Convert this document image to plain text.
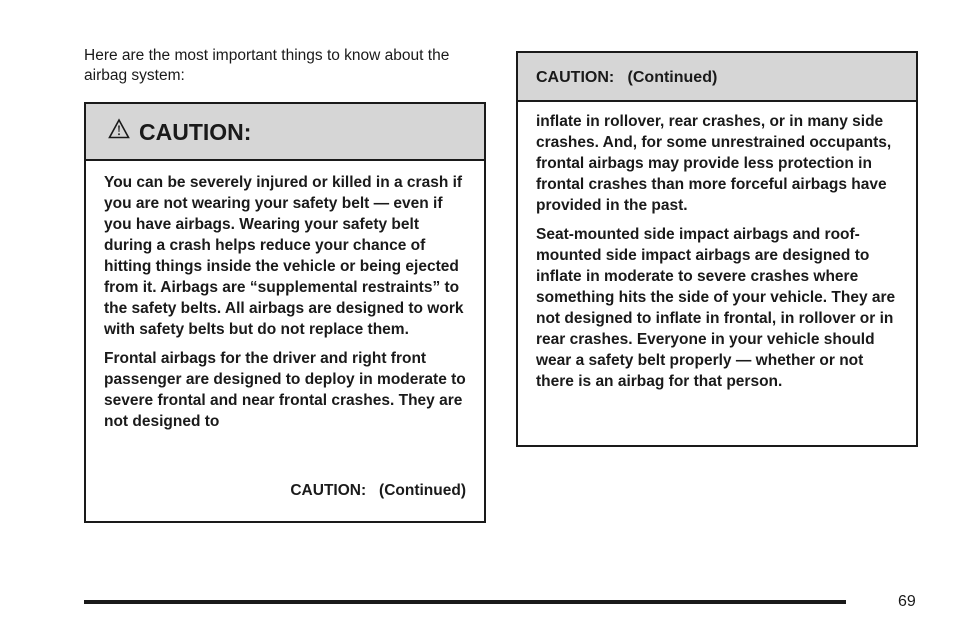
Here are the most important things to know about the airbag system:

CAUTION:

You can be severely injured or killed in a crash if you are not wearing your safety belt — even if you have airbags. Wearing your safety belt during a crash helps reduce your chance of hitting things inside the vehicle or being ejected from it. Airbags are “supplemental restraints” to the safety belts. All airbags are designed to work with safety belts but do not replace them.

Frontal airbags for the driver and right front passenger are designed to deploy in moderate to severe frontal and near frontal crashes. They are not designed to

CAUTION:   (Continued)
CAUTION:   (Continued)

inflate in rollover, rear crashes, or in many side crashes. And, for some unrestrained occupants, frontal airbags may provide less protection in frontal crashes than more forceful airbags have provided in the past.

Seat-mounted side impact airbags and roof-mounted side impact airbags are designed to inflate in moderate to severe crashes where something hits the side of your vehicle. They are not designed to inflate in frontal, in rollover or in rear crashes. Everyone in your vehicle should wear a safety belt properly — whether or not there is an airbag for that person.

69
